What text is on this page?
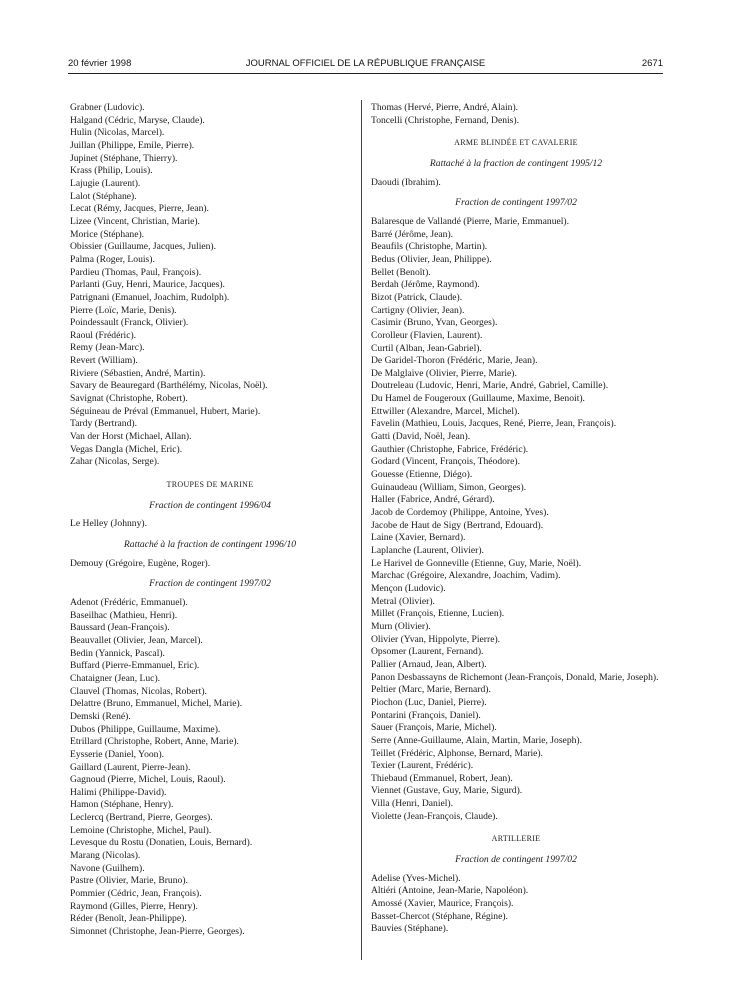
20 février 1998	JOURNAL OFFICIEL DE LA RÉPUBLIQUE FRANÇAISE	2671
Grabner (Ludovic).
Halgand (Cédric, Maryse, Claude).
Hulin (Nicolas, Marcel).
Juillan (Philippe, Emile, Pierre).
Jupinet (Stéphane, Thierry).
Krass (Philip, Louis).
Lajugie (Laurent).
Lalot (Stéphane).
Lecat (Rémy, Jacques, Pierre, Jean).
Lizee (Vincent, Christian, Marie).
Morice (Stéphane).
Obissier (Guillaume, Jacques, Julien).
Palma (Roger, Louis).
Pardieu (Thomas, Paul, François).
Parlanti (Guy, Henri, Maurice, Jacques).
Patrignani (Emanuel, Joachim, Rudolph).
Pierre (Loïc, Marie, Denis).
Poindessault (Franck, Olivier).
Raoul (Frédéric).
Remy (Jean-Marc).
Revert (William).
Riviere (Sébastien, André, Martin).
Savary de Beauregard (Barthélémy, Nicolas, Noël).
Savignat (Christophe, Robert).
Séguineau de Préval (Emmanuel, Hubert, Marie).
Tardy (Bertrand).
Van der Horst (Michael, Allan).
Vegas Dangla (Michel, Eric).
Zahar (Nicolas, Serge).
TROUPES DE MARINE
Fraction de contingent 1996/04
Le Helley (Johnny).
Rattaché à la fraction de contingent 1996/10
Demouy (Grégoire, Eugène, Roger).
Fraction de contingent 1997/02
Adenot (Frédéric, Emmanuel).
Baseilhac (Mathieu, Henri).
Baussard (Jean-François).
Beauvallet (Olivier, Jean, Marcel).
Bedin (Yannick, Pascal).
Buffard (Pierre-Emmanuel, Eric).
Chataigner (Jean, Luc).
Clauvel (Thomas, Nicolas, Robert).
Delattre (Bruno, Emmanuel, Michel, Marie).
Demski (René).
Dubos (Philippe, Guillaume, Maxime).
Etrillard (Christophe, Robert, Anne, Marie).
Eysserie (Daniel, Yoon).
Gaillard (Laurent, Pierre-Jean).
Gagnoud (Pierre, Michel, Louis, Raoul).
Halimi (Philippe-David).
Hamon (Stéphane, Henry).
Leclercq (Bertrand, Pierre, Georges).
Lemoine (Christophe, Michel, Paul).
Levesque du Rostu (Donatien, Louis, Bernard).
Marang (Nicolas).
Navone (Guilhem).
Pastre (Olivier, Marie, Bruno).
Pommier (Cédric, Jean, François).
Raymond (Gilles, Pierre, Henry).
Réder (Benoît, Jean-Philippe).
Simonnet (Christophe, Jean-Pierre, Georges).
Thomas (Hervé, Pierre, André, Alain).
Toncelli (Christophe, Fernand, Denis).
ARME BLINDÉE ET CAVALERIE
Rattaché à la fraction de contingent 1995/12
Daoudi (Ibrahim).
Fraction de contingent 1997/02
Balaresque de Vallandé (Pierre, Marie, Emmanuel).
Barré (Jérôme, Jean).
Beaufils (Christophe, Martin).
Bedus (Olivier, Jean, Philippe).
Bellet (Benoît).
Berdah (Jérôme, Raymond).
Bizot (Patrick, Claude).
Cartigny (Olivier, Jean).
Casimir (Bruno, Yvan, Georges).
Corolleur (Flavien, Laurent).
Curtil (Alban, Jean-Gabriel).
De Garidel-Thoron (Frédéric, Marie, Jean).
De Malglaive (Olivier, Pierre, Marie).
Doutreleau (Ludovic, Henri, Marie, André, Gabriel, Camille).
Du Hamel de Fougeroux (Guillaume, Maxime, Benoit).
Ettwiller (Alexandre, Marcel, Michel).
Favelin (Mathieu, Louis, Jacques, René, Pierre, Jean, François).
Gatti (David, Noël, Jean).
Gauthier (Christophe, Fabrice, Frédéric).
Godard (Vincent, François, Théodore).
Gouesse (Etienne, Diégo).
Guinaudeau (William, Simon, Georges).
Haller (Fabrice, André, Gérard).
Jacob de Cordemoy (Philippe, Antoine, Yves).
Jacobe de Haut de Sigy (Bertrand, Edouard).
Laine (Xavier, Bernard).
Laplanche (Laurent, Olivier).
Le Harivel de Gonneville (Etienne, Guy, Marie, Noël).
Marchac (Grégoire, Alexandre, Joachim, Vadim).
Mençon (Ludovic).
Metral (Olivier).
Millet (François, Etienne, Lucien).
Murn (Olivier).
Olivier (Yvan, Hippolyte, Pierre).
Opsomer (Laurent, Fernand).
Pallier (Arnaud, Jean, Albert).
Panon Desbassayns de Richemont (Jean-François, Donald, Marie, Joseph).
Peltier (Marc, Marie, Bernard).
Piochon (Luc, Daniel, Pierre).
Pontarini (François, Daniel).
Sauer (François, Marie, Michel).
Serre (Anne-Guillaume, Alain, Martin, Marie, Joseph).
Teillet (Frédéric, Alphonse, Bernard, Marie).
Texier (Laurent, Frédéric).
Thiebaud (Emmanuel, Robert, Jean).
Viennet (Gustave, Guy, Marie, Sigurd).
Villa (Henri, Daniel).
Violette (Jean-François, Claude).
ARTILLERIE
Fraction de contingent 1997/02
Adelise (Yves-Michel).
Altiéri (Antoine, Jean-Marie, Napoléon).
Amossé (Xavier, Maurice, François).
Basset-Chercot (Stéphane, Régine).
Bauvies (Stéphane).
